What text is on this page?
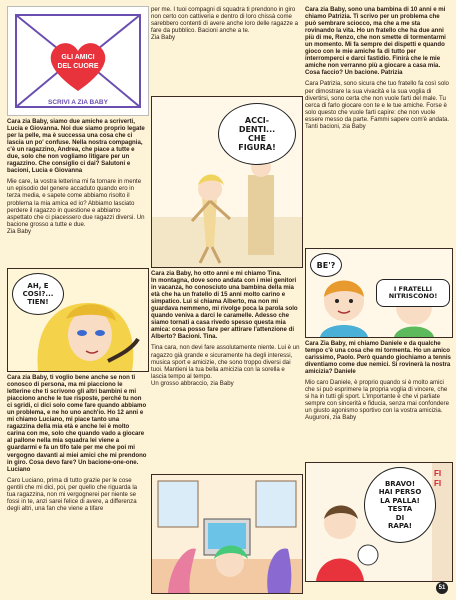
GLI AMICI
DEL CUORE
SCRIVI A ZIA BABY

Cara zia Baby, siamo due amiche a scriverti, Lucia e Giovanna. Noi due siamo proprio legate per la pelle, ma è successa una cosa che ci lascia un po' confuse. Nella nostra compagnia, c'è un ragazzino, Andrea, che piace a tutte e due, solo che non vogliamo litigare per un ragazzino. Che consiglio ci dai? Salutoni e bacioni, Lucia e Giovanna

Mie care, la vostra letterina mi fa tornare in mente un episodio del genere accaduto quando ero in terza media, e sapete come abbiamo risolto il problema la mia amica ed io? Abbiamo lasciato perdere il ragazzo in questione e abbiamo aspettato che ci piacessero due ragazzi diversi. Un bacione grosso a tutte e due.
Zia Baby

AH, E
COSÌ?...
TIEN!

Cara zia Baby, ti voglio bene anche se non ti conosco di persona, ma mi piacciono le letterine che ti scrivono gli altri bambini e mi piacciono anche le tue risposte, perché tu non ci sgridi, ci dici solo come fare quando abbiamo un problema, e ne ho uno anch'io. Ho 12 anni e mi chiamo Luciano, mi piace tanto una ragazzina della mia età e anche lei è molto carina con me, solo che quando vado a giocare al pallone nella mia squadra lei viene a guardarmi e fa un tifo tale per me che poi mi vergogno davanti ai miei amici che mi prendono in giro. Cosa devo fare? Un bacione-one-one. Luciano

Caro Luciano, prima di tutto grazie per le cose gentili che mi dici, poi, per quello che riguarda la tua ragazzina, non mi vergognerei per niente se fossi in te, anzi sarei felice di avere, a differenza degli altri, una fan che viene a tifare

per me. I tuoi compagni di squadra ti prendono in giro non certo con cattiveria e dentro di loro chissà come sarebbero contenti di avere anche loro delle ragazze a fare da pubblico. Bacioni anche a te.
Zia Baby

ACCI-
DENTI...
CHE
FIGURA!

Cara zia Baby, ho otto anni e mi chiamo Tina.
In montagna, dove sono andata con i miei genitori in vacanza, ho conosciuto una bambina della mia età che ha un fratello di 15 anni molto carino e simpatico. Lui si chiama Alberto, ma non mi guardava nemmeno, mi rivolge poca la parola solo quando veniva a darci le caramelle. Adesso che siamo tornati a casa rivedo spesso questa mia amica: cosa posso fare per attirare l'attenzione di Alberto? Bacioni. Tina.

Tina cara, non devi fare assolutamente niente. Lui è un ragazzo già grande e sicuramente ha degli interessi, musica sport e amicizie, che sono troppo diversi dai tuoi. Mantieni la tua bella amicizia con la sorella e lascia tempo al tempo.
Un grosso abbraccio, zia Baby

Cara zia Baby, sono una bambina di 10 anni e mi chiamo Patrizia. Ti scrivo per un problema che può sembrare sciocco, ma che a me sta rovinando la vita. Ho un fratello che ha due anni più di me, Renzo, che non smette di tormentarmi un momento. Mi fa sempre dei dispetti e quando gioco con le mie amiche fa di tutto per interromperci e darci fastidio. Finirà che le mie amiche non verranno più a giocare a casa mia. Cosa faccio? Un bacione. Patrizia

Cara Patrizia, sono sicura che tuo fratello fa così solo per dimostrare la sua vivacità e la sua voglia di divertirsi, sono certa che non vuole farti del male. Tu cerca di farlo giocare con te e le tue amiche. Forse è solo questo che vuole farti capire: che non vuole essere messo da parte. Fammi sapere com'è andata.
Tanti bacioni, zia Baby

BE'?
I FRATELLI
NITRISCONO!

Cara Zia Baby, mi chiamo Daniele e da qualche tempo c'è una cosa che mi tormenta. Ho un amico carissimo, Paolo. Però quando giochiamo a tennis diventiamo come due nemici. Si rovinerà la nostra amicizia? Daniele

Mio caro Daniele, è proprio quando si è molto amici che si può esprimere la propria voglia di vincere, che si ha in tutti gli sport. L'importante è che vi parliate sempre con sincerità e fiducia, senza mai confondere un giusto agonismo sportivo con la vostra amicizia.
Auguroni, zia Baby

BRAVO!
HAI PERSO
LA PALLA!
TESTA
DI
RAPA!
FI
FI
51
